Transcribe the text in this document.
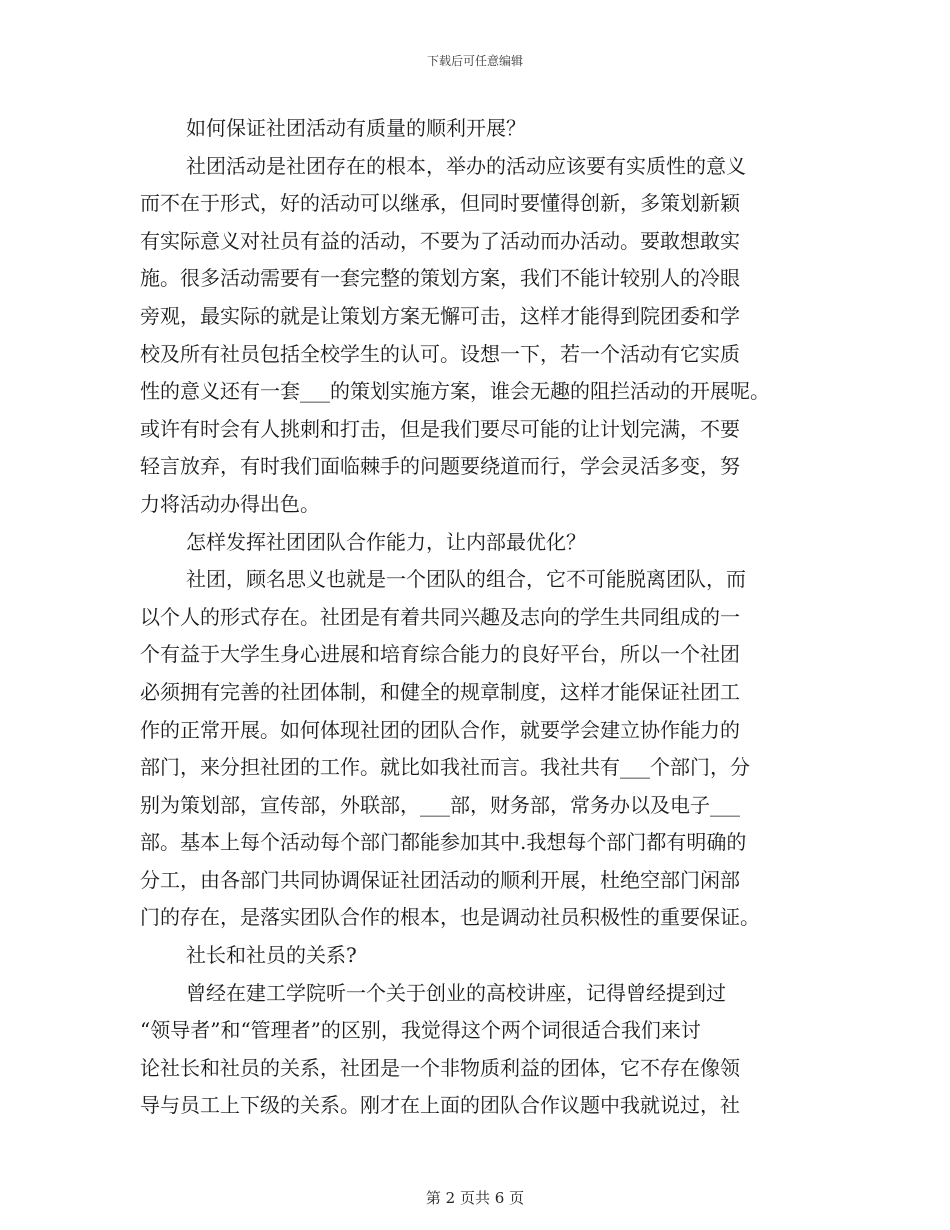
下载后可任意编辑
如何保证社团活动有质量的顺利开展？
社团活动是社团存在的根本，举办的活动应该要有实质性的意义
而不在于形式，好的活动可以继承，但同时要懂得创新，多策划新颖
有实际意义对社员有益的活动，不要为了活动而办活动。要敢想敢实
施。很多活动需要有一套完整的策划方案，我们不能计较别人的冷眼
旁观，最实际的就是让策划方案无懈可击，这样才能得到院团委和学
校及所有社员包括全校学生的认可。设想一下，若一个活动有它实质
性的意义还有一套___的策划实施方案，谁会无趣的阻拦活动的开展呢。
或许有时会有人挑刺和打击，但是我们要尽可能的让计划完满，不要
轻言放弃，有时我们面临棘手的问题要绕道而行，学会灵活多变，努
力将活动办得出色。
怎样发挥社团团队合作能力，让内部最优化？
社团，顾名思义也就是一个团队的组合，它不可能脱离团队，而
以个人的形式存在。社团是有着共同兴趣及志向的学生共同组成的一
个有益于大学生身心进展和培育综合能力的良好平台，所以一个社团
必须拥有完善的社团体制，和健全的规章制度，这样才能保证社团工
作的正常开展。如何体现社团的团队合作，就要学会建立协作能力的
部门，来分担社团的工作。就比如我社而言。我社共有___个部门，分
别为策划部，宣传部，外联部，___部，财务部，常务办以及电子___
部。基本上每个活动每个部门都能参加其中.我想每个部门都有明确的
分工，由各部门共同协调保证社团活动的顺利开展，杜绝空部门闲部
门的存在，是落实团队合作的根本，也是调动社员积极性的重要保证。
社长和社员的关系?
曾经在建工学院听一个关于创业的高校讲座，记得曾经提到过
“领导者”和“管理者”的区别，我觉得这个两个词很适合我们来讨
论社长和社员的关系，社团是一个非物质利益的团体，它不存在像领
导与员工上下级的关系。刚才在上面的团队合作议题中我就说过，社
第 2 页共 6 页
